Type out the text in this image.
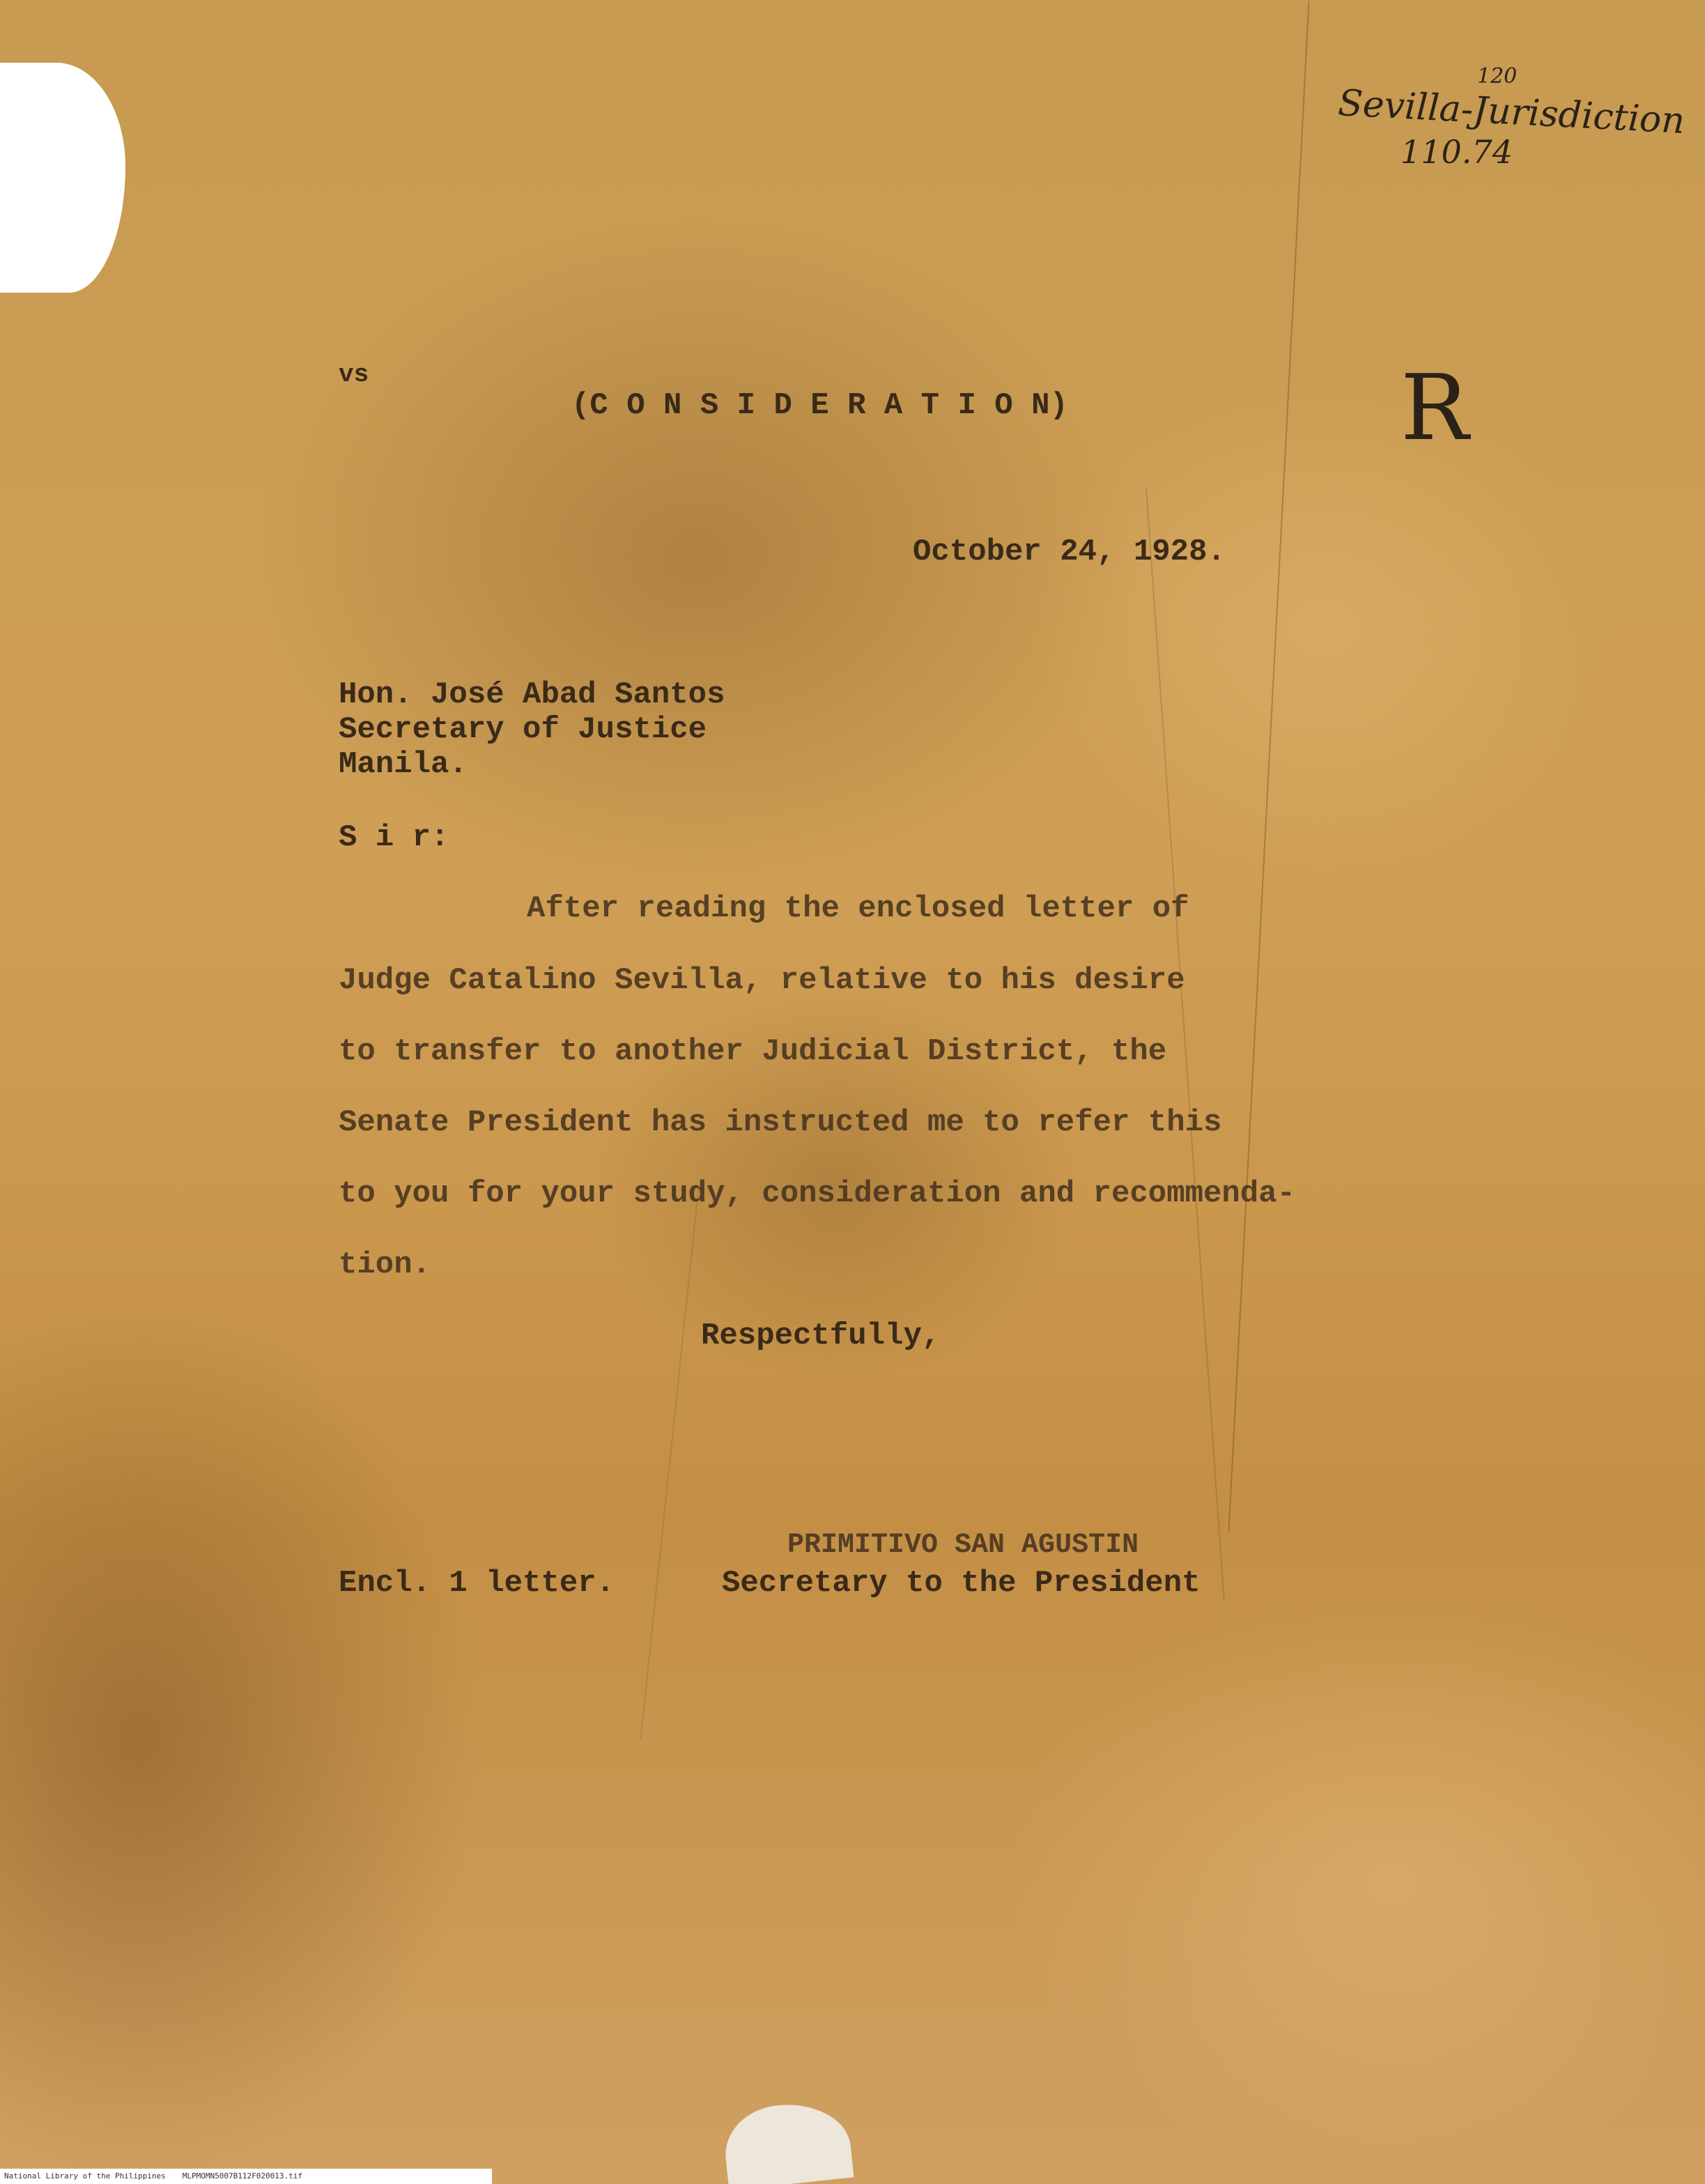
120
Sevilla-Jurisdiction
110.74
R
vs
(C O N S I D E R A T I O N)
October 24, 1928.
Hon. José Abad Santos
Secretary of Justice
Manila.
S i r:
After reading the enclosed letter of
Judge Catalino Sevilla, relative to his desire
to transfer to another Judicial District, the
Senate President has instructed me to refer this
to you for your study, consideration and recommenda-
tion.
Respectfully,
PRIMITIVO SAN AGUSTIN
Encl. 1 letter.	Secretary to the President
National Library of the Philippines MLPMOMN5007B112F020013.tif
